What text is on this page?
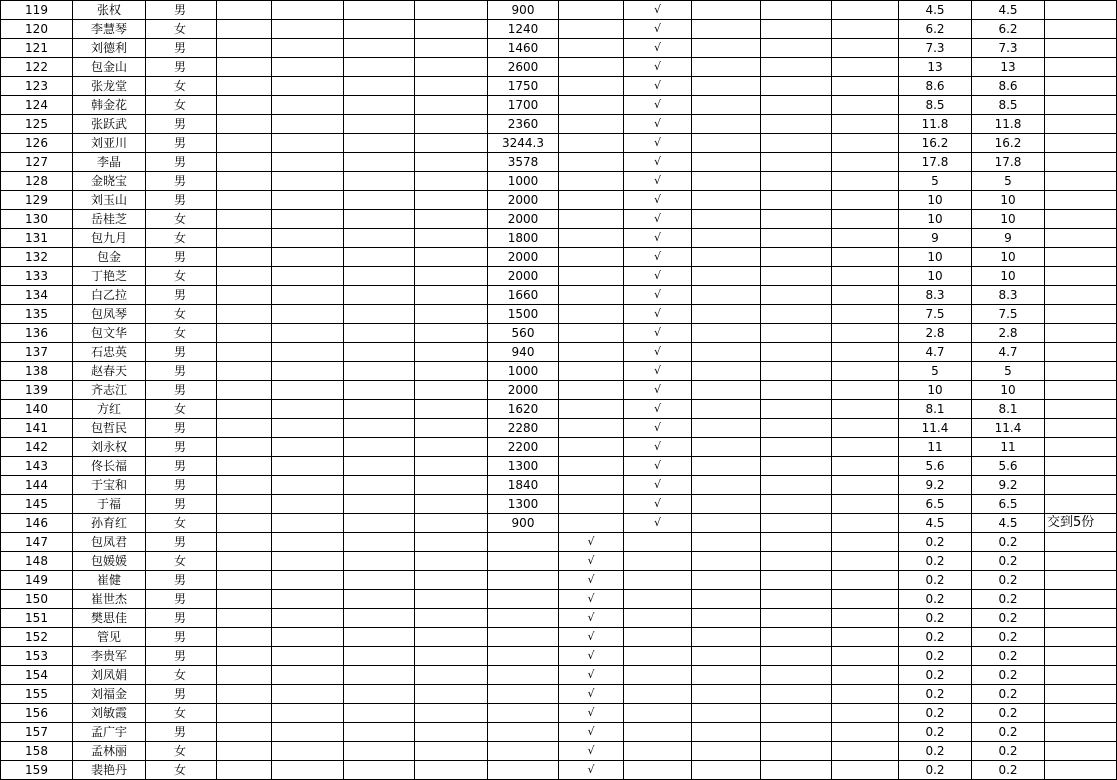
119	张权	男					900		√				4.5	4.5	
120	李慧琴	女					1240		√				6.2	6.2	
121	刘德利	男					1460		√				7.3	7.3	
122	包金山	男					2600		√				13	13	
123	张龙堂	女					1750		√				8.6	8.6	
124	韩金花	女					1700		√				8.5	8.5	
125	张跃武	男					2360		√				11.8	11.8	
126	刘亚川	男					3244.3		√				16.2	16.2	
127	李晶	男					3578		√				17.8	17.8	
128	金晓宝	男					1000		√				5	5	
129	刘玉山	男					2000		√				10	10	
130	岳桂芝	女					2000		√				10	10	
131	包九月	女					1800		√				9	9	
132	包金	男					2000		√				10	10	
133	丁艳芝	女					2000		√				10	10	
134	白乙拉	男					1660		√				8.3	8.3	
135	包凤琴	女					1500		√				7.5	7.5	
136	包文华	女					560		√				2.8	2.8	
137	石忠英	男					940		√				4.7	4.7	
138	赵春天	男					1000		√				5	5	
139	齐志江	男					2000		√				10	10	
140	方红	女					1620		√				8.1	8.1	
141	包哲民	男					2280		√				11.4	11.4	
142	刘永权	男					2200		√				11	11	
143	佟长福	男					1300		√				5.6	5.6	
144	于宝和	男					1840		√				9.2	9.2	
145	于福	男					1300		√				6.5	6.5	
146	孙育红	女					900		√				4.5	4.5	交到5份
147	包凤君	男						√					0.2	0.2	
148	包媛媛	女						√					0.2	0.2	
149	崔健	男						√					0.2	0.2	
150	崔世杰	男						√					0.2	0.2	
151	樊思佳	男						√					0.2	0.2	
152	管见	男						√					0.2	0.2	
153	李贵军	男						√					0.2	0.2	
154	刘凤娟	女						√					0.2	0.2	
155	刘福金	男						√					0.2	0.2	
156	刘敏霞	女						√					0.2	0.2	
157	孟广宇	男						√					0.2	0.2	
158	孟林丽	女						√					0.2	0.2	
159	裴艳丹	女						√					0.2	0.2	
